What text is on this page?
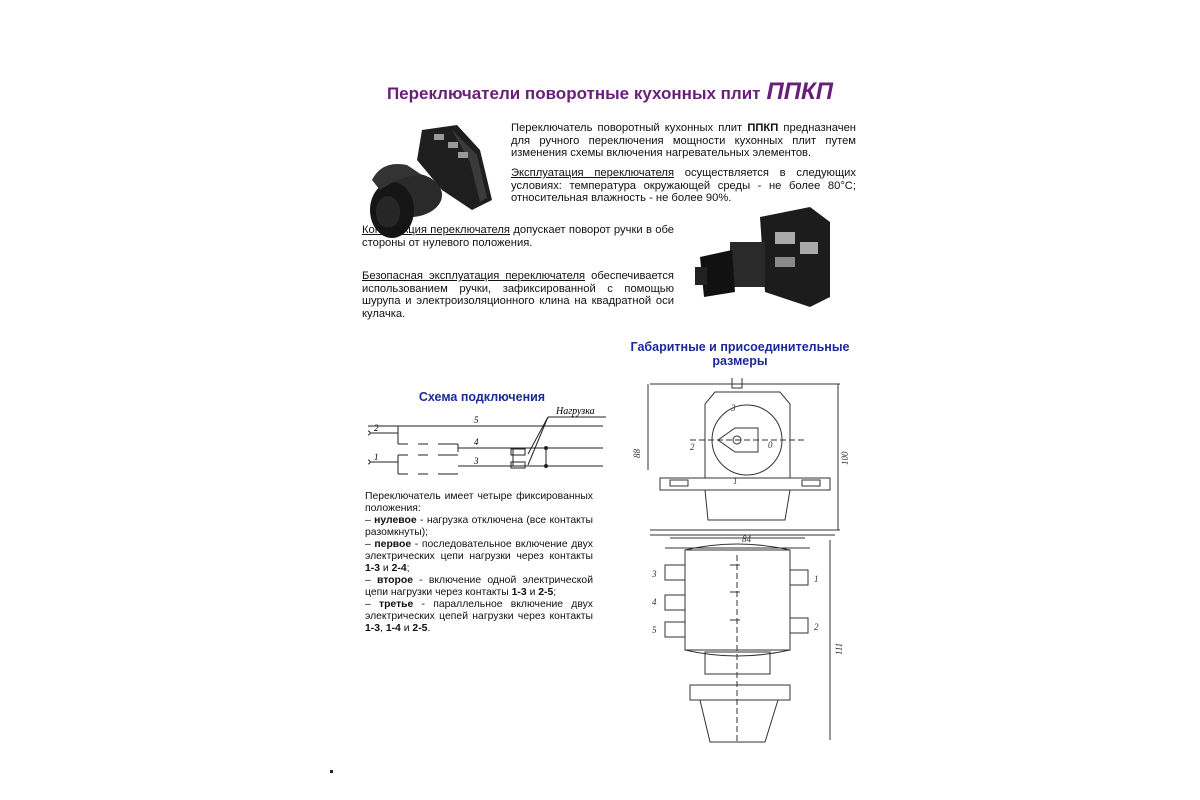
Переключатели поворотные кухонных плит ППКП
Переключатель поворотный кухонных плит ППКП предназначен для ручного переключения мощности кухонных плит путем изменения схемы включения нагревательных элементов.
Эксплуатация переключателя осуществляется в следующих условиях: температура окружающей среды - не более 80°C; относительная влажность - не более 90%.
Конструкция переключателя допускает поворот ручки в обе стороны от нулевого положения.
Безопасная эксплуатация переключателя обеспечивается использованием ручки, зафиксированной с помощью шурупа и электроизоляционного клина на квадратной оси кулачка.
Габаритные и присоединительные размеры
Схема подключения
2
1
5
4
3
Нагрузка
Переключатель имеет четыре фиксированных положения:
– нулевое - нагрузка отключена (все контакты разомкнуты);
– первое - последовательное включение двух электрических цепи нагрузки через контакты 1-3 и 2-4;
– второе - включение одной электрической цепи нагрузки через контакты 1-3 и 2-5;
– третье - параллельное включение двух электрических цепей нагрузки через контакты 1-3, 1-4 и 2-5.
88	100
84
111
3
2	0
1
3
4
5
1
2
